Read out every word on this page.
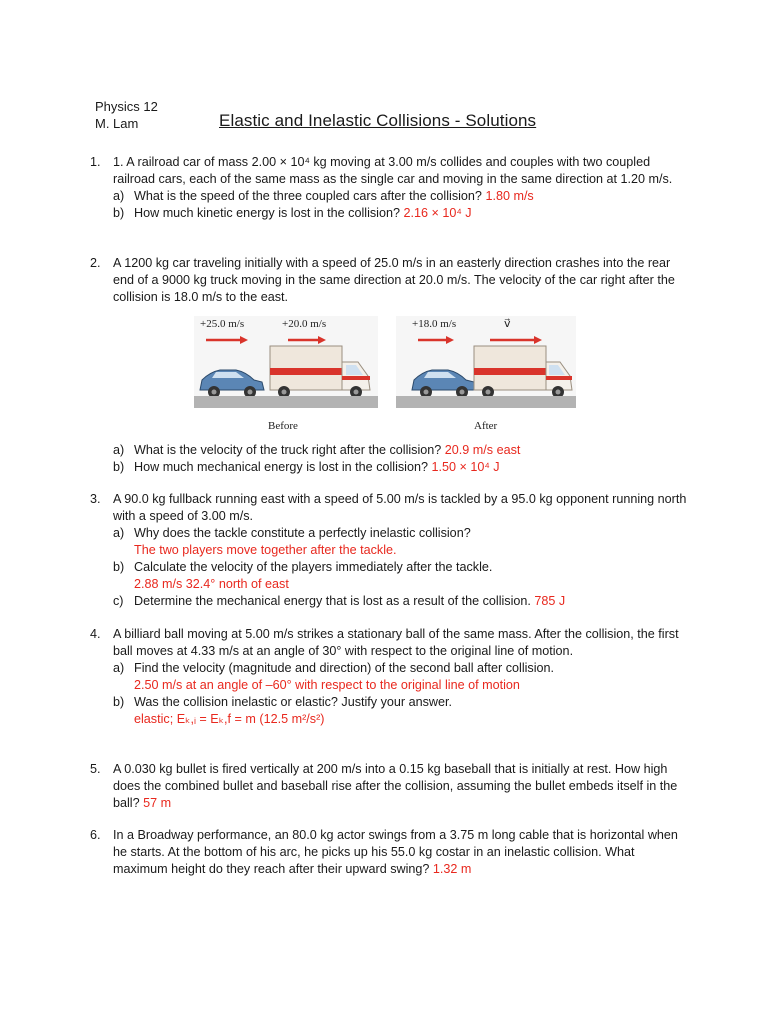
Physics 12
M. Lam	Elastic and Inelastic Collisions - Solutions
1. 1. A railroad car of mass 2.00 × 10⁴ kg moving at 3.00 m/s collides and couples with two coupled railroad cars, each of the same mass as the single car and moving in the same direction at 1.20 m/s.
a) What is the speed of the three coupled cars after the collision? 1.80 m/s
b) How much kinetic energy is lost in the collision? 2.16 × 10⁴ J
2. A 1200 kg car traveling initially with a speed of 25.0 m/s in an easterly direction crashes into the rear end of a 9000 kg truck moving in the same direction at 20.0 m/s. The velocity of the car right after the collision is 18.0 m/s to the east.
+25.0 m/s	+20.0 m/s
Before
+18.0 m/s	v⃗
After
a) What is the velocity of the truck right after the collision? 20.9 m/s east
b) How much mechanical energy is lost in the collision? 1.50 × 10⁴ J
3. A 90.0 kg fullback running east with a speed of 5.00 m/s is tackled by a 95.0 kg opponent running north with a speed of 3.00 m/s.
a) Why does the tackle constitute a perfectly inelastic collision?
The two players move together after the tackle.
b) Calculate the velocity of the players immediately after the tackle.
2.88 m/s 32.4° north of east
c) Determine the mechanical energy that is lost as a result of the collision. 785 J
4. A billiard ball moving at 5.00 m/s strikes a stationary ball of the same mass. After the collision, the first ball moves at 4.33 m/s at an angle of 30° with respect to the original line of motion.
a) Find the velocity (magnitude and direction) of the second ball after collision.
2.50 m/s at an angle of –60° with respect to the original line of motion
b) Was the collision inelastic or elastic? Justify your answer.
elastic; Eₖ,ᵢ = Eₖ,f = m (12.5 m²/s²)
5. A 0.030 kg bullet is fired vertically at 200 m/s into a 0.15 kg baseball that is initially at rest. How high does the combined bullet and baseball rise after the collision, assuming the bullet embeds itself in the ball? 57 m
6. In a Broadway performance, an 80.0 kg actor swings from a 3.75 m long cable that is horizontal when he starts. At the bottom of his arc, he picks up his 55.0 kg costar in an inelastic collision. What maximum height do they reach after their upward swing? 1.32 m
